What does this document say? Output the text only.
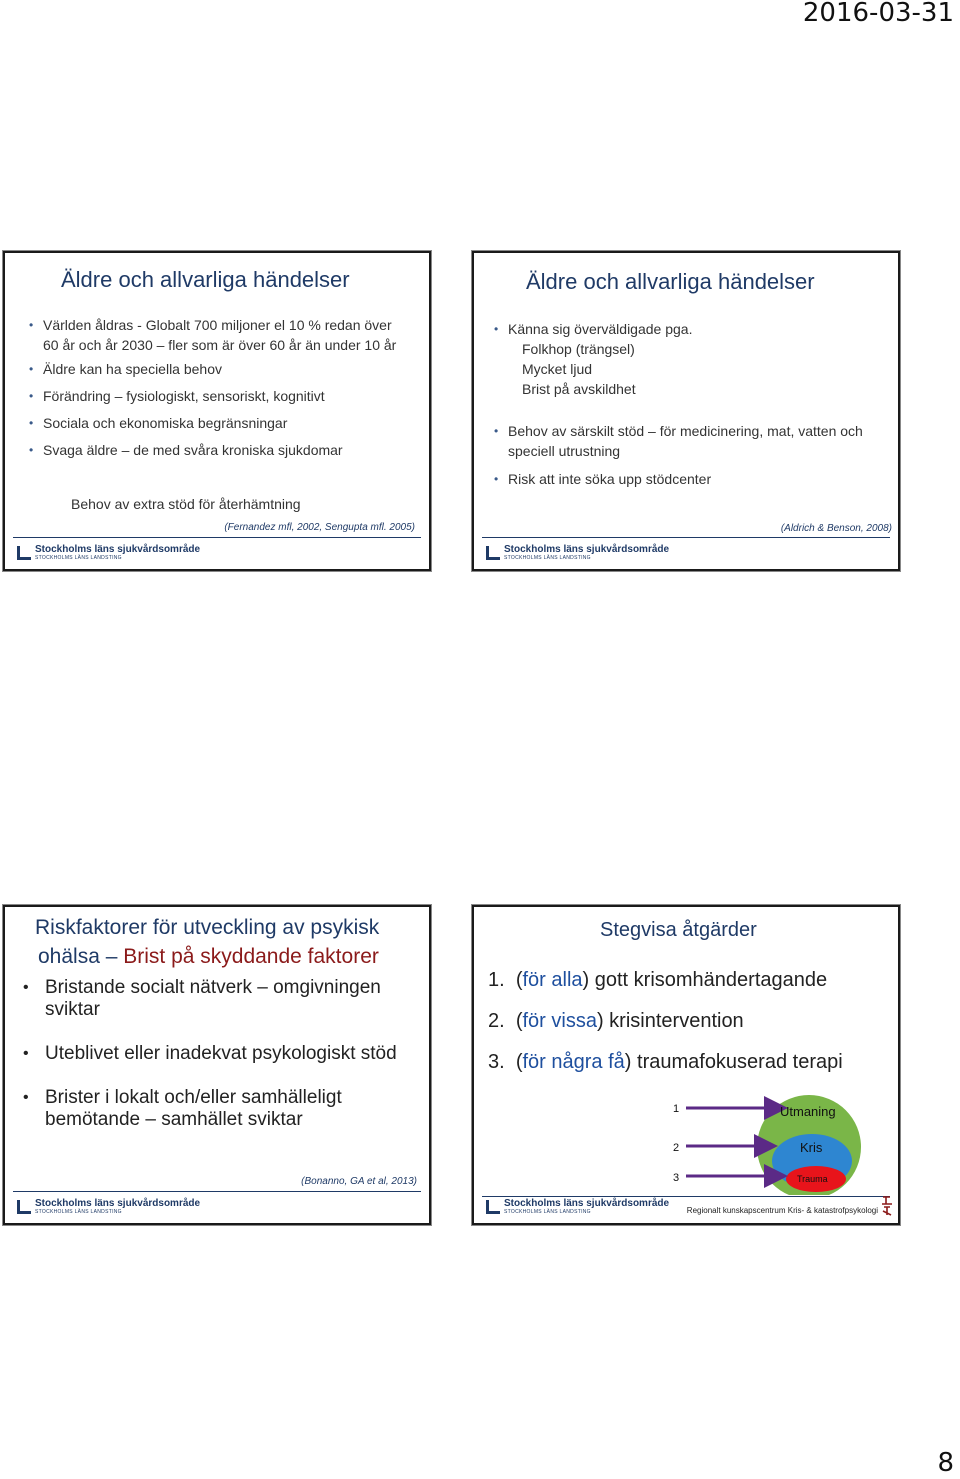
2016-03-31
Äldre och allvarliga händelser
• Världen åldras - Globalt 700 miljoner el 10 % redan över 60 år och år 2030 – fler som är över 60 år än under 10 år
• Äldre kan ha speciella behov
• Förändring – fysiologiskt, sensoriskt, kognitivt
• Sociala och ekonomiska begränsningar
• Svaga äldre – de med svåra kroniska sjukdomar
Behov av extra stöd för återhämtning
(Fernandez mfl, 2002, Sengupta mfl. 2005)
Stockholms läns sjukvårdsområde
STOCKHOLMS LÄNS LANDSTING
Äldre och allvarliga händelser
• Känna sig överväldigade pga.
Folkhop (trängsel)
Mycket ljud
Brist på avskildhet
• Behov av särskilt stöd – för medicinering, mat, vatten och speciell utrustning
• Risk att inte söka upp stödcenter
(Aldrich & Benson, 2008)
Stockholms läns sjukvårdsområde
STOCKHOLMS LÄNS LANDSTING
Riskfaktorer för utveckling av psykisk
ohälsa – Brist på skyddande faktorer
• Bristande socialt nätverk – omgivningen sviktar
• Uteblivet eller inadekvat psykologiskt stöd
• Brister i lokalt och/eller samhälleligt bemötande – samhället sviktar
(Bonanno, GA et al, 2013)
Stockholms läns sjukvårdsområde
STOCKHOLMS LÄNS LANDSTING
Stegvisa åtgärder
1. (för alla) gott krisomhändertagande
2. (för vissa) krisintervention
3. (för några få) traumafokuserad terapi
1
2
3
Utmaning
Kris
Trauma
Stockholms läns sjukvårdsområde
STOCKHOLMS LÄNS LANDSTING	Regionalt kunskapscentrum Kris- & katastrofpsykologi
8
